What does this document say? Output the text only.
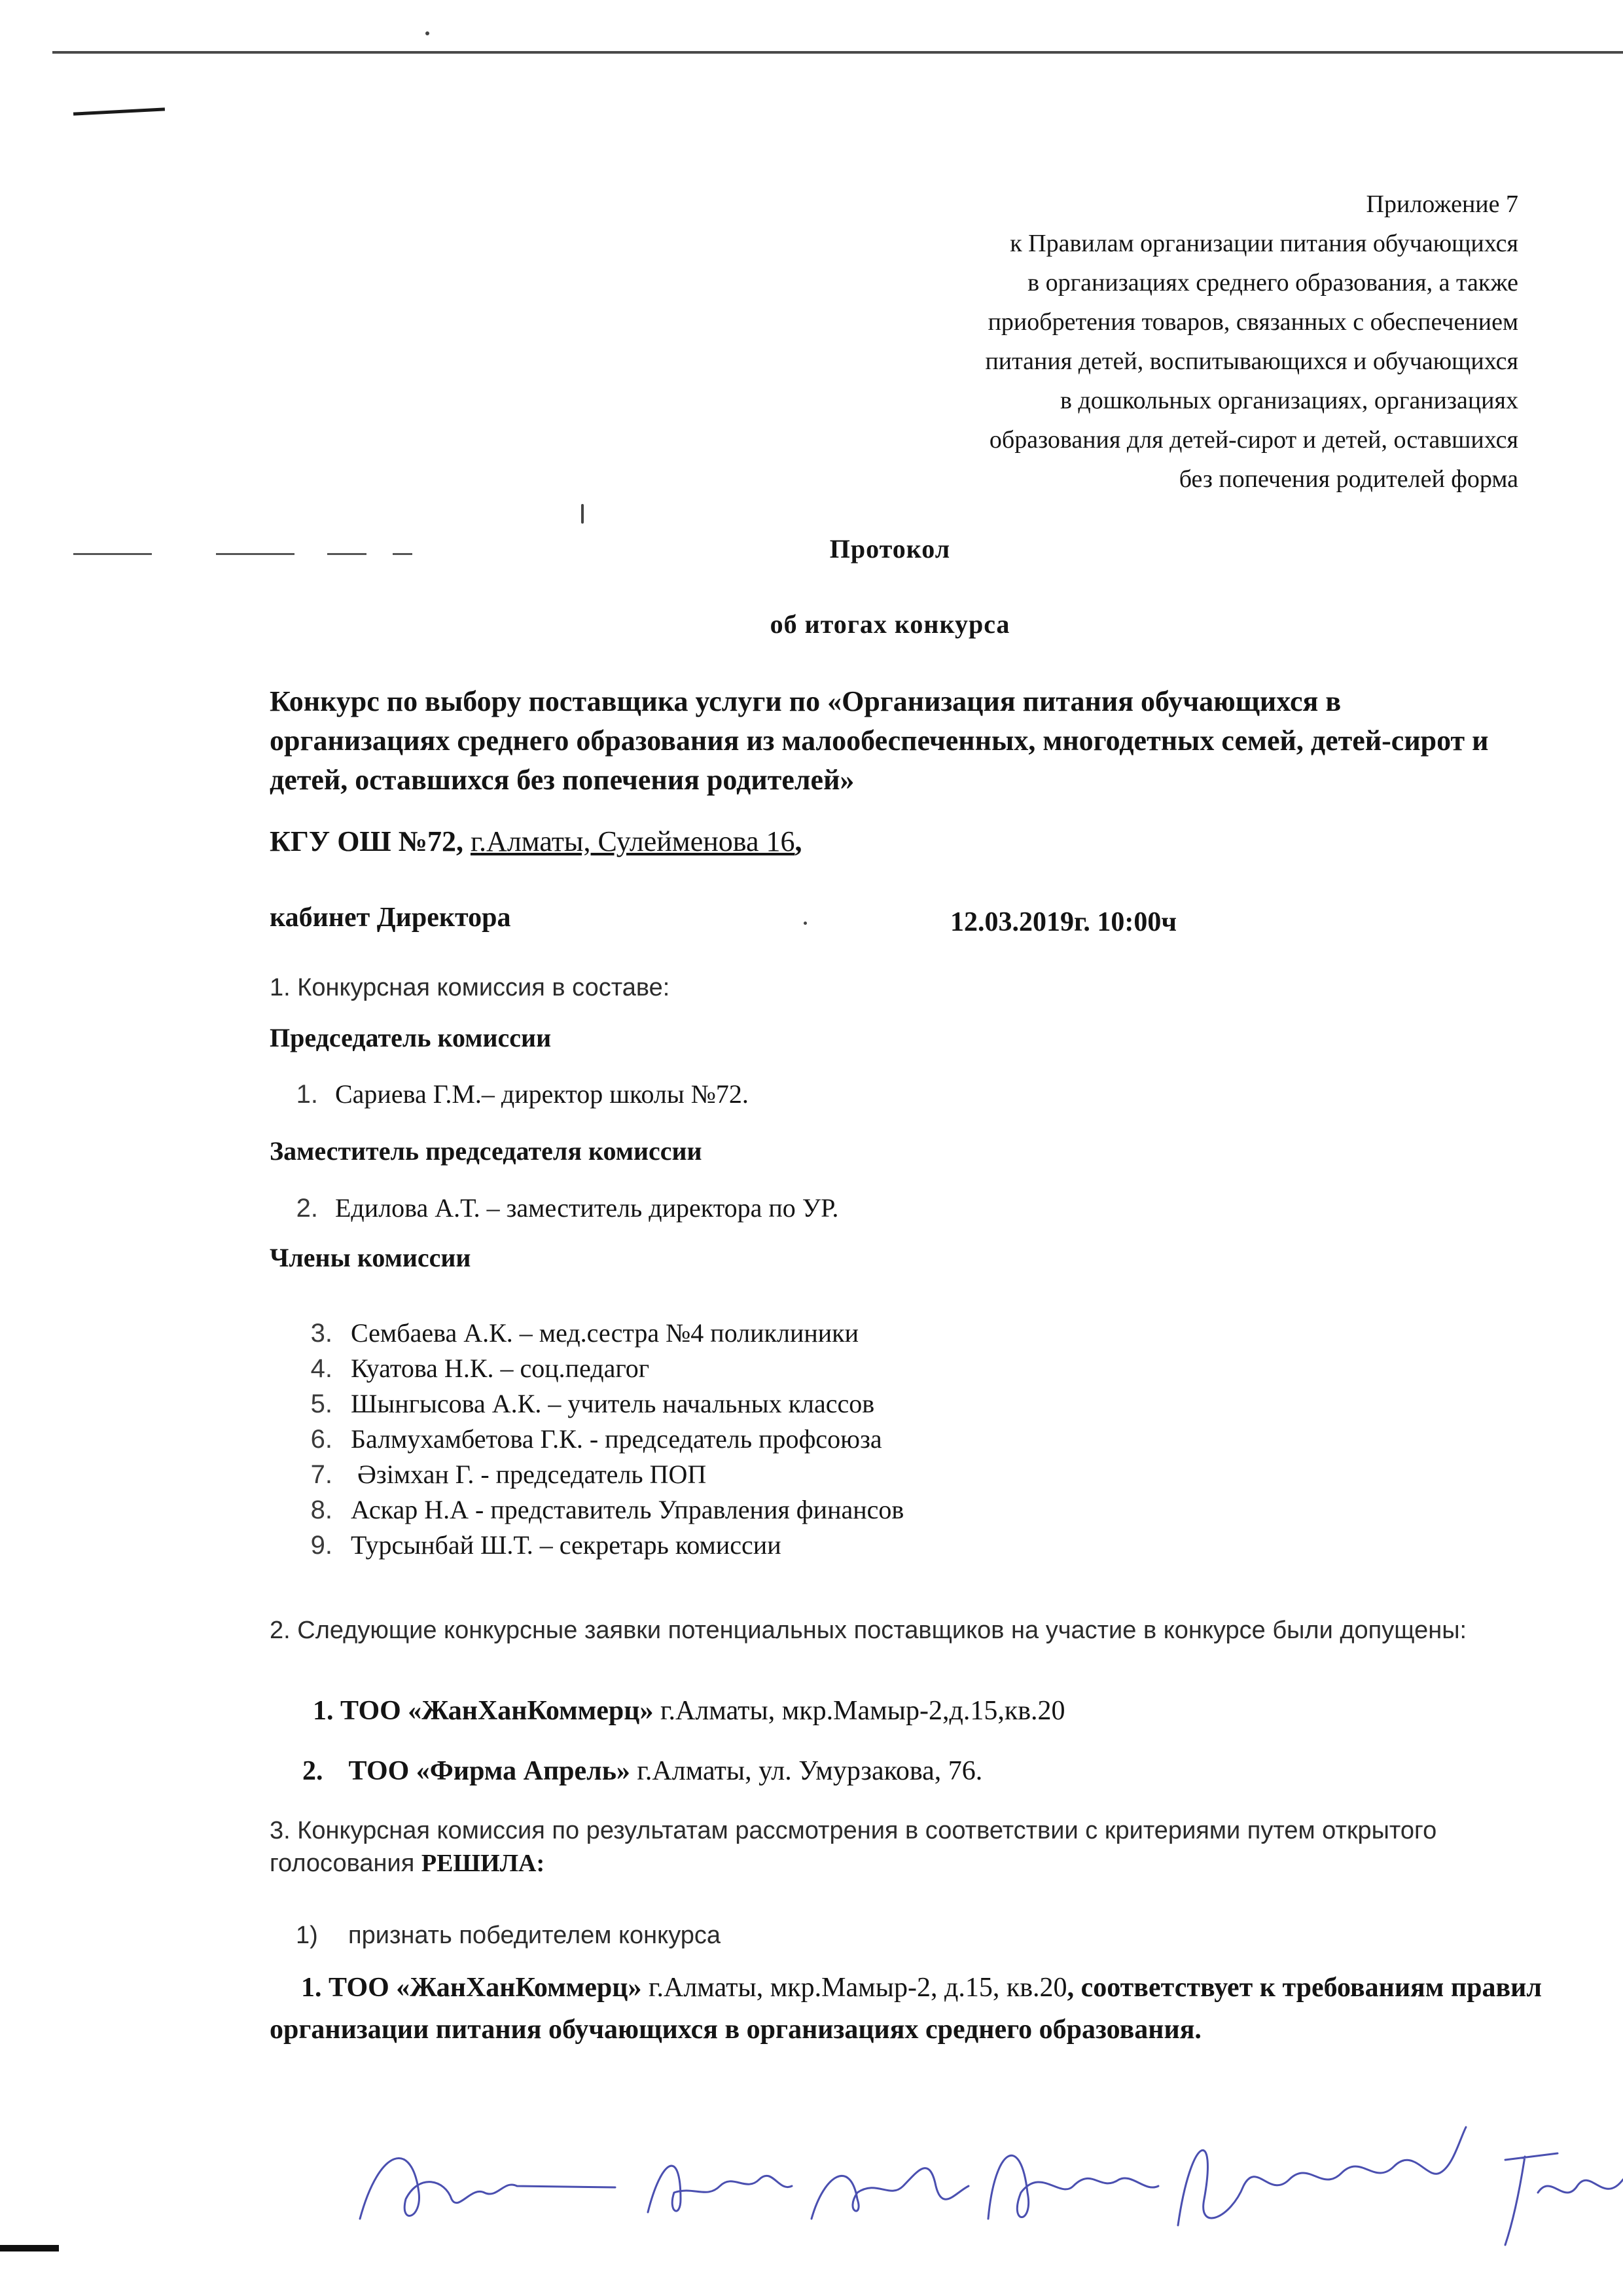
Приложение 7
к Правилам организации питания обучающихся
в организациях среднего образования, а также
приобретения товаров, связанных с обеспечением
питания детей, воспитывающихся и обучающихся
в дошкольных организациях, организациях
образования для детей-сирот и детей, оставшихся
без попечения родителей форма
Протокол
об итогах конкурса
Конкурс по выбору поставщика услуги по «Организация питания обучающихся в организациях среднего образования из малообеспеченных, многодетных семей, детей-сирот и детей, оставшихся без попечения родителей»
КГУ ОШ №72, г.Алматы, Сулейменова 16,
кабинет Директора	12.03.2019г. 10:00ч
1. Конкурсная комиссия в составе:
Председатель комиссии
1. Сариева Г.М.– директор школы №72.
Заместитель председателя комиссии
2. Едилова А.Т. – заместитель директора по УР.
Члены комиссии
3. Сембаева А.К. – мед.сестра №4 поликлиники
4. Куатова Н.К. – соц.педагог
5. Шынгысова А.К. – учитель начальных классов
6. Балмухамбетова Г.К. - председатель профсоюза
7. Әзімхан Г. - председатель ПОП
8. Аскар Н.А - представитель Управления финансов
9. Турсынбай Ш.Т. – секретарь комиссии
2. Следующие конкурсные заявки потенциальных поставщиков на участие в конкурсе были допущены:
1. ТОО «ЖанХанКоммерц» г.Алматы, мкр.Мамыр-2,д.15,кв.20
2. ТОО «Фирма Апрель» г.Алматы, ул. Умурзакова, 76.
3. Конкурсная комиссия по результатам рассмотрения в соответствии с критериями путем открытого голосования РЕШИЛА:
1) признать победителем конкурса
1. ТОО «ЖанХанКоммерц» г.Алматы, мкр.Мамыр-2, д.15, кв.20, соответствует к требованиям правил организации питания обучающихся в организациях среднего образования.
